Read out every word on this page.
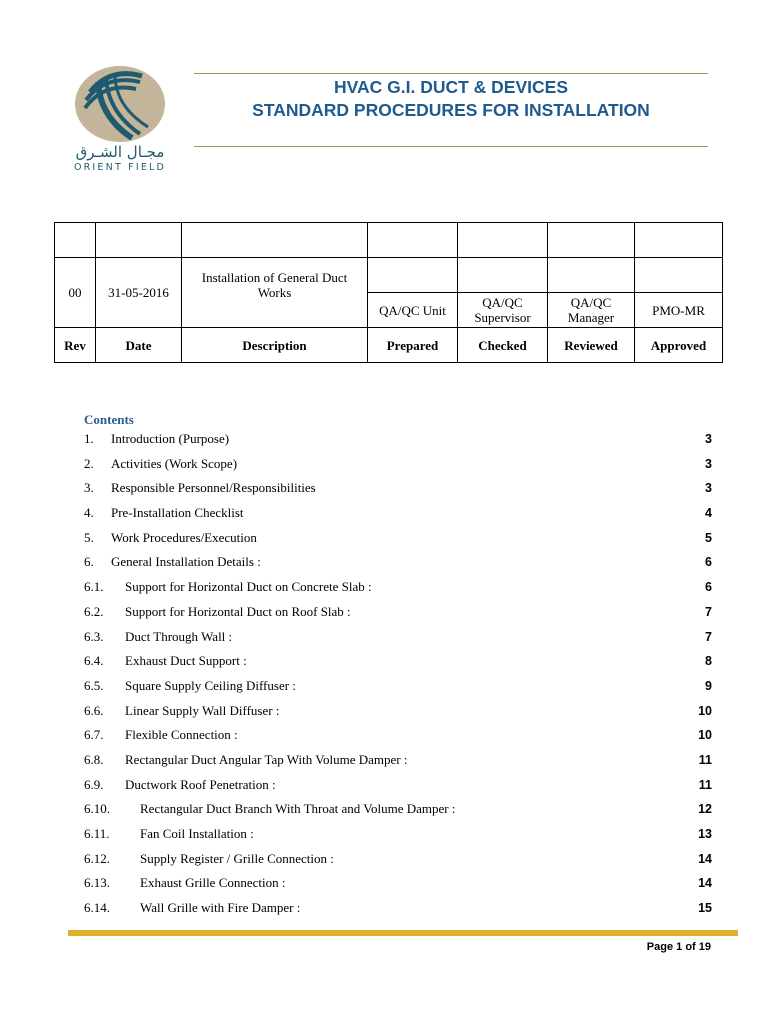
مجـال الشـرق
ORIENT FIELD
HVAC G.I. DUCT & DEVICES
STANDARD PROCEDURES FOR INSTALLATION

00	31-05-2016	Installation of General Duct Works				
			QA/QC Unit	QA/QC Supervisor	QA/QC Manager	PMO-MR
Rev	Date	Description	Prepared	Checked	Reviewed	Approved
Contents
1. Introduction (Purpose)	3
2. Activities (Work Scope)	3
3. Responsible Personnel/Responsibilities	3
4. Pre-Installation Checklist	4
5. Work Procedures/Execution	5
6. General Installation Details :	6
6.1. Support for Horizontal Duct on Concrete Slab :	6
6.2. Support for Horizontal Duct on Roof Slab :	7
6.3. Duct Through Wall :	7
6.4. Exhaust Duct Support :	8
6.5. Square Supply Ceiling Diffuser :	9
6.6. Linear Supply Wall Diffuser :	10
6.7. Flexible Connection :	10
6.8. Rectangular Duct Angular Tap With Volume Damper :	11
6.9. Ductwork Roof Penetration :	11
6.10. Rectangular Duct Branch With Throat and Volume Damper :	12
6.11. Fan Coil Installation :	13
6.12. Supply Register / Grille Connection :	14
6.13. Exhaust Grille Connection :	14
6.14. Wall Grille with Fire Damper :	15
Page 1 of 19
